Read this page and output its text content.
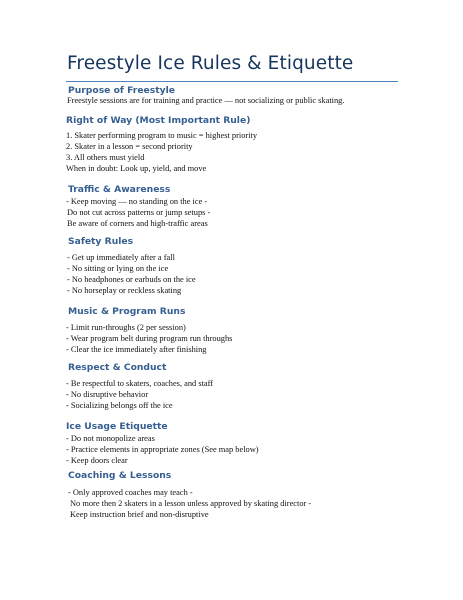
Freestyle Ice Rules & Etiquette
Purpose of Freestyle
Freestyle sessions are for training and practice — not socializing or public skating.
Right of Way (Most Important Rule)
1. Skater performing program to music = highest priority
2. Skater in a lesson = second priority
3. All others must yield
When in doubt: Look up, yield, and move
Traffic & Awareness
- Keep moving — no standing on the ice -
Do not cut across patterns or jump setups -
Be aware of corners and high-traffic areas
Safety Rules
- Get up immediately after a fall
- No sitting or lying on the ice
- No headphones or earbuds on the ice
- No horseplay or reckless skating
Music & Program Runs
- Limit run-throughs (2 per session)
- Wear program belt during program run throughs
- Clear the ice immediately after finishing
Respect & Conduct
- Be respectful to skaters, coaches, and staff
- No disruptive behavior
- Socializing belongs off the ice
Ice Usage Etiquette
- Do not monopolize areas
- Practice elements in appropriate zones (See map below)
- Keep doors clear
Coaching & Lessons
- Only approved coaches may teach -
No more then 2 skaters in a lesson unless approved by skating director -
Keep instruction brief and non-disruptive
